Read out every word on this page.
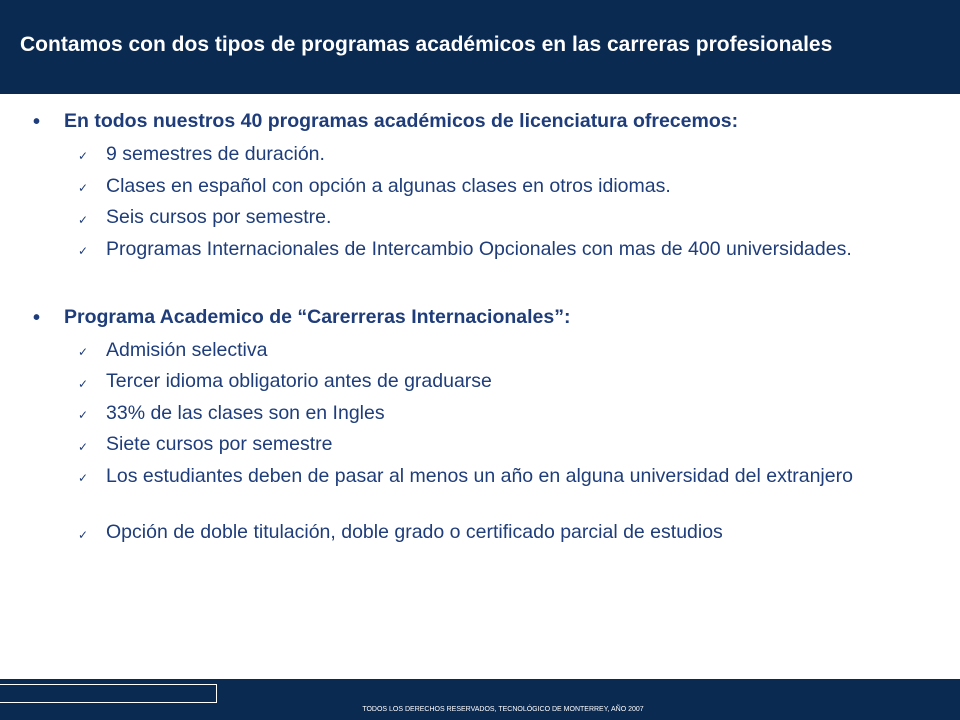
Contamos con dos tipos de programas académicos en las carreras profesionales
• En todos nuestros 40 programas académicos de licenciatura ofrecemos:
✓ 9 semestres de duración.
✓ Clases en español con opción a algunas clases en otros idiomas.
✓ Seis cursos por semestre.
✓ Programas Internacionales de Intercambio Opcionales con mas de 400 universidades.
• Programa Academico de “Carerreras Internacionales”:
✓ Admisión selectiva
✓ Tercer idioma obligatorio antes de graduarse
✓ 33% de las clases son en Ingles
✓ Siete cursos por semestre
✓ Los estudiantes deben de pasar al menos un año en alguna universidad del extranjero
✓ Opción de doble titulación, doble grado o certificado parcial de estudios
TODOS LOS DERECHOS RESERVADOS, TECNOLÓGICO DE MONTERREY, AÑO 2007
